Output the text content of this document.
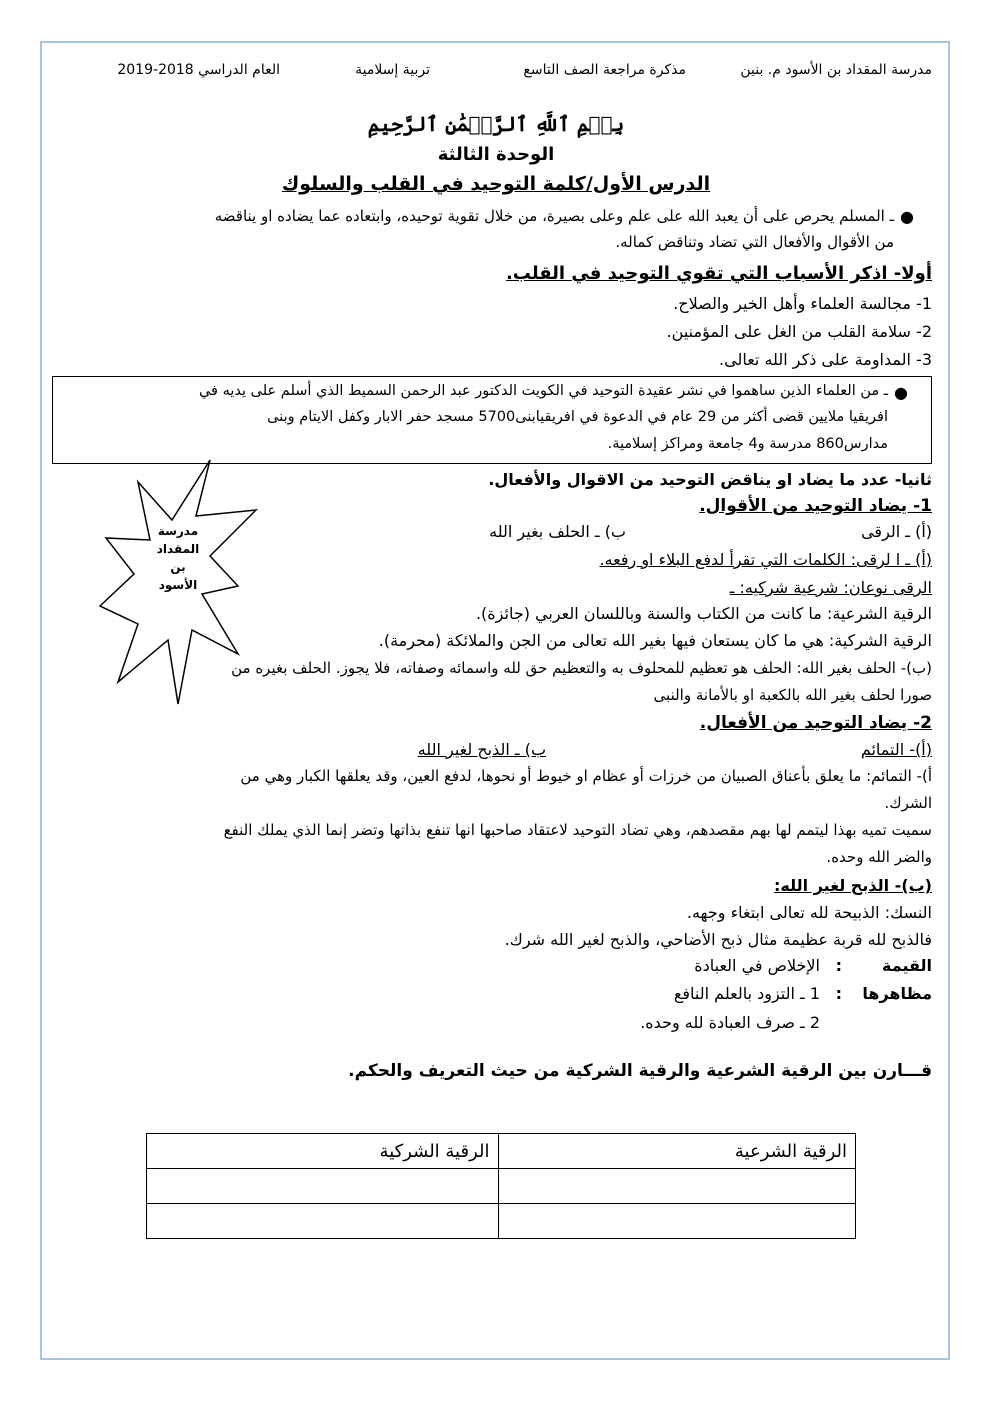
مدرسة المقداد بن الأسود م. بنين
مذكرة مراجعة الصف التاسع
تربية إسلامية
العام الدراسي 2018-2019
بِسۡمِ ٱللَّهِ ٱلرَّحۡمَٰنِ ٱلرَّحِيمِ
الوحدة الثالثة
الدرس الأول/كلمة التوحيد في القلب والسلوك
●
ـ المسلم يحرص على أن يعبد الله على علم وعلى بصيرة، من خلال تقوية توحيده، وابتعاده عما يضاده او يناقضه
من الأقوال والأفعال التي تضاد وتناقض كماله.
أولا- اذكر الأسباب التي تقوي التوحيد في القلب.
1- مجالسة العلماء وأهل الخير والصلاح.
2- سلامة القلب من الغل على المؤمنين.
3- المداومة على ذكر الله تعالى.
●
ـ من العلماء الذين ساهموا في نشر عقيدة التوحيد في الكويت الدكتور عبد الرحمن السميط الذي أسلم على يديه في
افريقيا ملايين قضى أكثر من 29 عام في الدعوة في افريقيابنى5700 مسجد حفر الابار وكفل الايتام وبنى
مدارس860 مدرسة و4 جامعة ومراكز إسلامية.
مدرسة
المقداد
بن
الأسود
ثانيا- عدد ما يضاد او يناقض التوحيد من الاقوال والأفعال.
1- يضاد التوحيد من الأقوال.
(أ) ـ الرقى
ب) ـ الحلف بغير الله
(أ) ـ ا لرقى: الكلمات التي تقرأ لدفع البلاء او رفعه.
الرقى نوعان: شرعية شركيه: ـ
الرقية الشرعية: ما كانت من الكتاب والسنة وباللسان العربي (جائزة).
الرقية الشركية: هي ما كان يستعان فيها بغير الله تعالى من الجن والملائكة (محرمة).
(ب)- الحلف بغير الله: الحلف هو تعظيم للمحلوف به والتعظيم حق لله واسمائه وصفاته، فلا يجوز. الحلف بغيره من
صورا لحلف بغير الله بالكعبة او بالأمانة والنبى
2- يضاد التوحيد من الأفعال.
(أ)- التمائم
ب) ـ الذبح لغير الله
أ)- التمائم: ما يعلق بأعناق الصبيان من خرزات أو عظام او خيوط أو نحوها، لدفع العين، وقد يعلقها الكبار وهي من
الشرك.
سميت تميه بهذا ليتمم لها بهم مقصدهم، وهي تضاد التوحيد لاعتقاد صاحبها انها تنفع بذاتها وتضر إنما الذي يملك النفع
والضر الله وحده.
(ب)- الذبح لغير الله:
النسك: الذبيحة لله تعالى ابتغاء وجهه.
فالذبح لله قربة عظيمة مثال ذبح الأضاحي، والذبح لغير الله شرك.
القيمة
:
الإخلاص في العبادة
مظاهرها
:
1 ـ التزود بالعلم النافع
2 ـ صرف العبادة لله وحده.
قـــارن بين الرقية الشرعية والرقية الشركية من حيث التعريف والحكم.
الرقية الشرعية	الرقية الشركية
